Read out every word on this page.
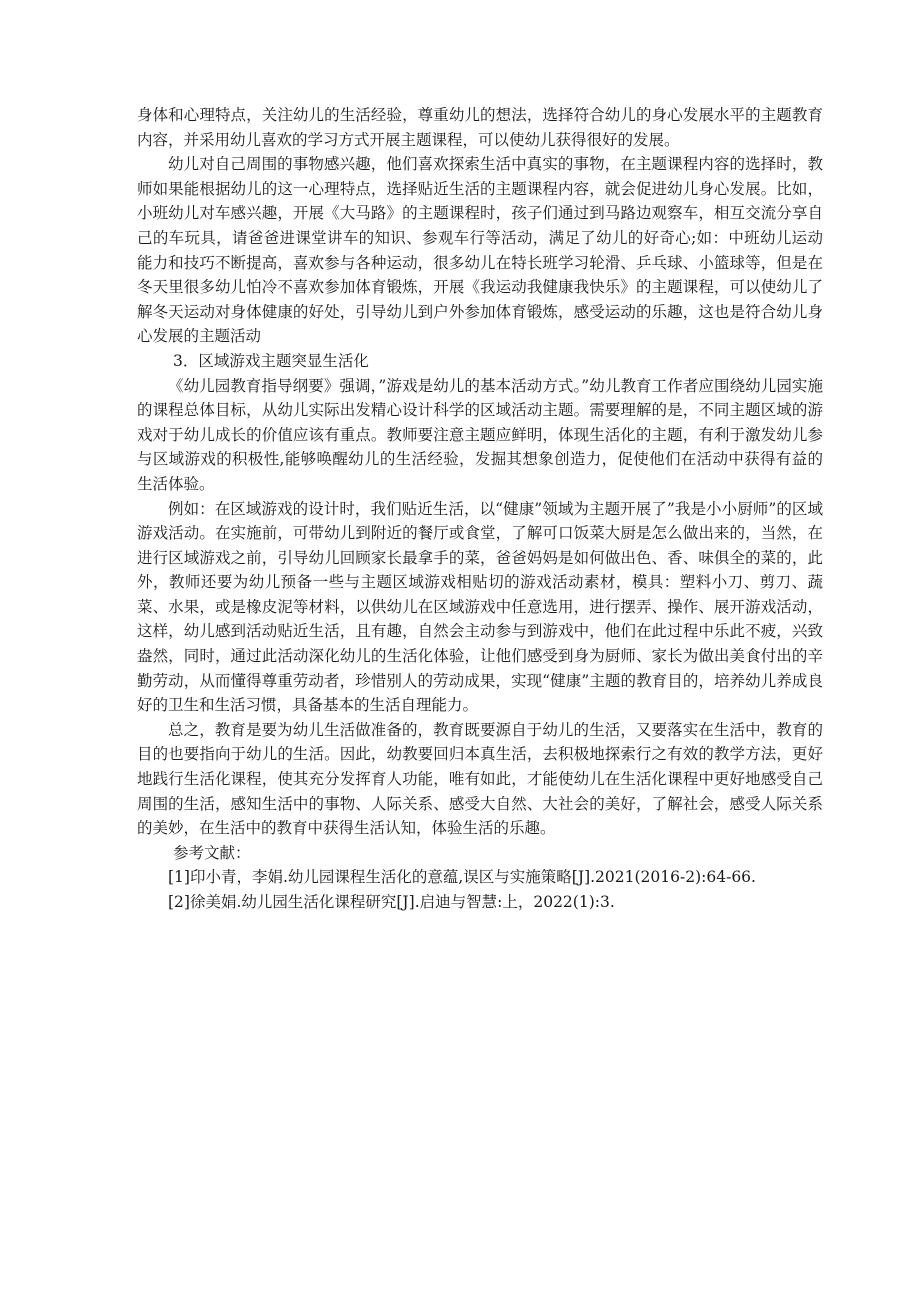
身体和心理特点，关注幼儿的生活经验，尊重幼儿的想法，选择符合幼儿的身心发展水平的主题教育内容，并采用幼儿喜欢的学习方式开展主题课程，可以使幼儿获得很好的发展。

幼儿对自己周围的事物感兴趣，他们喜欢探索生活中真实的事物，在主题课程内容的选择时，教师如果能根据幼儿的这一心理特点，选择贴近生活的主题课程内容，就会促进幼儿身心发展。比如，小班幼儿对车感兴趣，开展《大马路》的主题课程时，孩子们通过到马路边观察车，相互交流分享自己的车玩具，请爸爸进课堂讲车的知识、参观车行等活动，满足了幼儿的好奇心;如：中班幼儿运动能力和技巧不断提高，喜欢参与各种运动，很多幼儿在特长班学习轮滑、乒乓球、小篮球等，但是在冬天里很多幼儿怕冷不喜欢参加体育锻炼，开展《我运动我健康我快乐》的主题课程，可以使幼儿了解冬天运动对身体健康的好处，引导幼儿到户外参加体育锻炼，感受运动的乐趣，这也是符合幼儿身心发展的主题活动

3．区域游戏主题突显生活化

《幼儿园教育指导纲要》强调，”游戏是幼儿的基本活动方式。”幼儿教育工作者应围绕幼儿园实施的课程总体目标，从幼儿实际出发精心设计科学的区域活动主题。需要理解的是，不同主题区域的游戏对于幼儿成长的价值应该有重点。教师要注意主题应鲜明，体现生活化的主题，有利于激发幼儿参与区域游戏的积极性,能够唤醒幼儿的生活经验，发掘其想象创造力，促使他们在活动中获得有益的生活体验。

例如：在区域游戏的设计时，我们贴近生活，以“健康”领域为主题开展了”我是小小厨师”的区域游戏活动。在实施前，可带幼儿到附近的餐厅或食堂，了解可口饭菜大厨是怎么做出来的，当然，在进行区域游戏之前，引导幼儿回顾家长最拿手的菜，爸爸妈妈是如何做出色、香、味俱全的菜的，此外，教师还要为幼儿预备一些与主题区域游戏相贴切的游戏活动素材，模具：塑料小刀、剪刀、蔬菜、水果，或是橡皮泥等材料，以供幼儿在区域游戏中任意选用，进行摆弄、操作、展开游戏活动，这样，幼儿感到活动贴近生活，且有趣，自然会主动参与到游戏中，他们在此过程中乐此不疲，兴致盎然，同时，通过此活动深化幼儿的生活化体验，让他们感受到身为厨师、家长为做出美食付出的辛勤劳动，从而懂得尊重劳动者，珍惜别人的劳动成果，实现“健康”主题的教育目的，培养幼儿养成良好的卫生和生活习惯，具备基本的生活自理能力。

总之，教育是要为幼儿生活做准备的，教育既要源自于幼儿的生活，又要落实在生活中，教育的目的也要指向于幼儿的生活。因此，幼教要回归本真生活，去积极地探索行之有效的教学方法，更好地践行生活化课程，使其充分发挥育人功能，唯有如此，才能使幼儿在生活化课程中更好地感受自己周围的生活，感知生活中的事物、人际关系、感受大自然、大社会的美好，了解社会，感受人际关系的美妙，在生活中的教育中获得生活认知，体验生活的乐趣。

参考文献：

[1]印小青，李娟.幼儿园课程生活化的意蕴,误区与实施策略[J].2021(2016-2):64-66.

[2]徐美娟.幼儿园生活化课程研究[J].启迪与智慧:上，2022(1):3.
